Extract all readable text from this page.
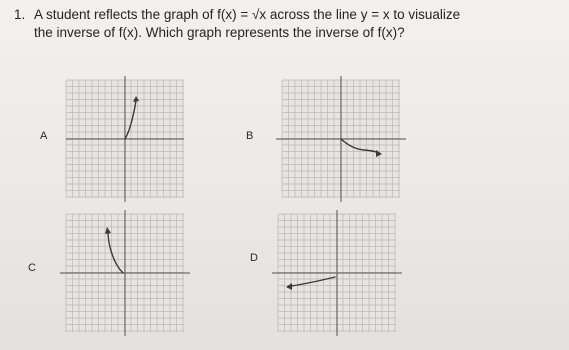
1. A student reflects the graph of f(x) = √x across the line y = x to visualize
the inverse of f(x). Which graph represents the inverse of f(x)?
A	B
C
D
